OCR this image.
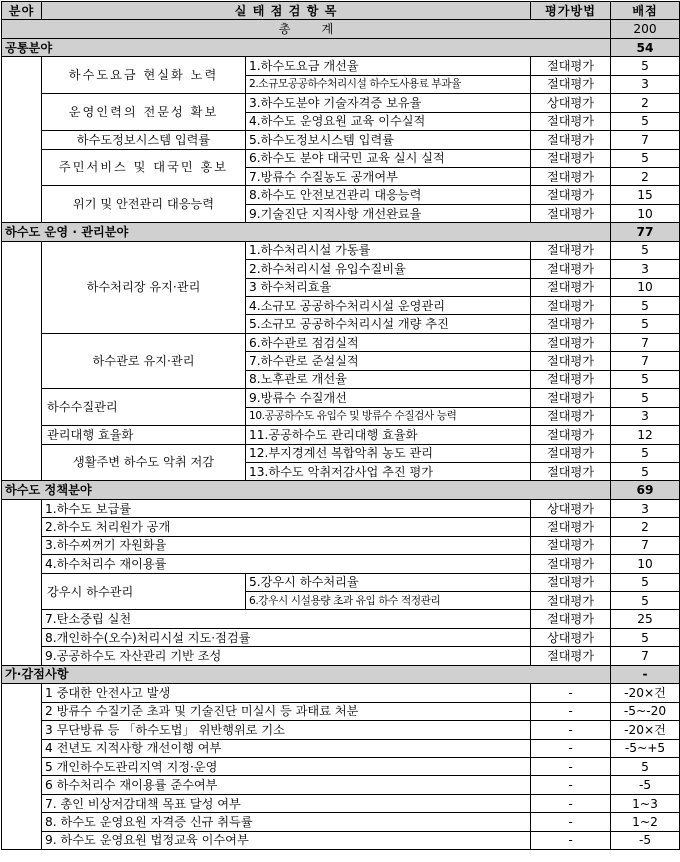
분야	실 태 점 검 항 목		평가방법	배점
총        계				200
공통분야				54
	하수도요금 현실화 노력	1.하수도요금 개선율	절대평가	5
		2.소규모공공하수처리시설 하수도사용료 부과율	절대평가	3
	운영인력의 전문성 확보	3.하수도분야 기술자격증 보유율	상대평가	2
		4.하수도 운영요원 교육 이수실적	절대평가	5
	하수도정보시스템 입력률	5.하수도정보시스템 입력률	절대평가	7
	주민서비스 및 대국민 홍보	6.하수도 분야 대국민 교육 실시 실적	절대평가	5
		7.방류수 수질농도 공개여부	절대평가	2
	위기 및 안전관리 대응능력	8.하수도 안전보건관리 대응능력	절대평가	15
		9.기술진단 지적사항 개선완료율	절대평가	10
하수도 운영 · 관리분야				77
	하수처리장 유지·관리	1.하수처리시설 가동률	절대평가	5
		2.하수처리시설 유입수질비율	절대평가	3
		3 하수처리효율	절대평가	10
		4.소규모 공공하수처리시설 운영관리	절대평가	5
		5.소규모 공공하수처리시설 개량 추진	절대평가	5
	하수관로 유지·관리	6.하수관로 점검실적	절대평가	7
		7.하수관로 준설실적	절대평가	7
		8.노후관로 개선율	절대평가	5
	하수수질관리	9.방류수 수질개선	절대평가	5
		10.공공하수도 유입수 및 방류수 수질검사 능력	절대평가	3
	관리대행 효율화	11.공공하수도 관리대행 효율화	절대평가	12
	생활주변 하수도 악취 저감	12.부지경계선 복합악취 농도 관리	절대평가	5
		13.하수도 악취저감사업 추진 평가	절대평가	5
하수도 정책분야				69
	1.하수도 보급률		상대평가	3
	2.하수도 처리원가 공개		절대평가	2
	3.하수찌꺼기 자원화율		절대평가	7
	4.하수처리수 재이용률		절대평가	10
	강우시 하수관리	5.강우시 하수처리율	절대평가	5
		6.강우시 시설용량 초과 유입 하수 적정관리	절대평가	5
	7.탄소중립 실천		절대평가	25
	8.개인하수(오수)처리시설 지도·점검률		상대평가	5
	9.공공하수도 자산관리 기반 조성		절대평가	7
가·감점사항				-
	1 중대한 안전사고 발생		-	-20×건
	2 방류수 수질기준 초과 및 기술진단 미실시 등 과태료 처분		-	-5~-20
	3 무단방류 등 「하수도법」 위반행위로 기소		-	-20×건
	4 전년도 지적사항 개선이행 여부		-	-5~+5
	5 개인하수도관리지역 지정·운영		-	5
	6 하수처리수 재이용률 준수여부		-	-5
	7. 총인 비상저감대책 목표 달성 여부		-	1~3
	8. 하수도 운영요원 자격증 신규 취득률		-	1~2
	9. 하수도 운영요원 법정교육 이수여부		-	-5
